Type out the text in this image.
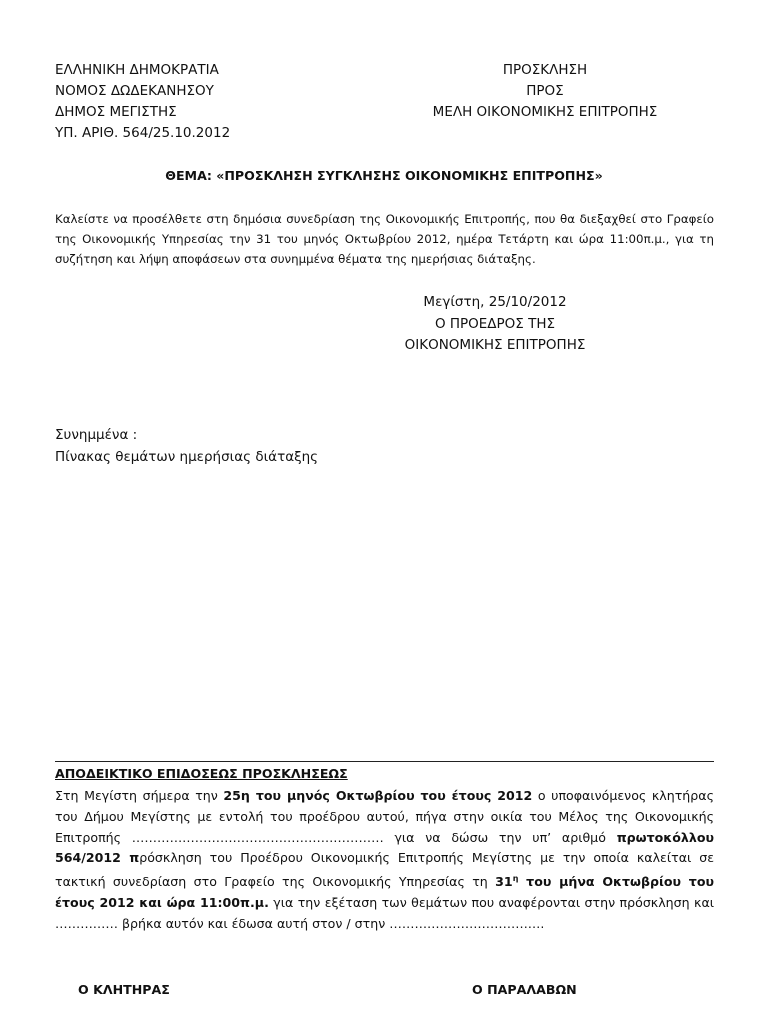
ΕΛΛΗΝΙΚΗ ΔΗΜΟΚΡΑΤΙΑ
ΝΟΜΟΣ ΔΩΔΕΚΑΝΗΣΟΥ
ΔΗΜΟΣ ΜΕΓΙΣΤΗΣ
ΥΠ. ΑΡΙΘ. 564/25.10.2012
ΠΡΟΣΚΛΗΣΗ
ΠΡΟΣ
ΜΕΛΗ ΟΙΚΟΝΟΜΙΚΗΣ ΕΠΙΤΡΟΠΗΣ
ΘΕΜΑ: «ΠΡΟΣΚΛΗΣΗ ΣΥΓΚΛΗΣΗΣ ΟΙΚΟΝΟΜΙΚΗΣ ΕΠΙΤΡΟΠΗΣ»
Καλείστε να προσέλθετε στη δημόσια συνεδρίαση της Οικονομικής Επιτροπής, που θα διεξαχθεί στο Γραφείο της Οικονομικής Υπηρεσίας την 31 του μηνός Οκτωβρίου 2012, ημέρα Τετάρτη και ώρα 11:00π.μ., για τη συζήτηση και λήψη αποφάσεων στα συνημμένα θέματα της ημερήσιας διάταξης.
Μεγίστη, 25/10/2012
Ο ΠΡΟΕΔΡΟΣ ΤΗΣ
ΟΙΚΟΝΟΜΙΚΗΣ ΕΠΙΤΡΟΠΗΣ
Συνημμένα :
Πίνακας θεμάτων ημερήσιας διάταξης
ΑΠΟΔΕΙΚΤΙΚΟ ΕΠΙΔΟΣΕΩΣ ΠΡΟΣΚΛΗΣΕΩΣ

Στη Μεγίστη σήμερα την 25η του μηνός Οκτωβρίου του έτους 2012 ο υποφαινόμενος κλητήρας του Δήμου Μεγίστης με εντολή του προέδρου αυτού, πήγα στην οικία του Μέλος της Οικονομικής Επιτροπής …………………………………………………… για να δώσω την υπ’ αριθμό πρωτοκόλλου 564/2012 πρόσκληση του Προέδρου Οικονομικής Επιτροπής Μεγίστης με την οποία καλείται σε τακτική συνεδρίαση στο Γραφείο της Οικονομικής Υπηρεσίας τη $31^\eta$ του μήνα Οκτωβρίου του έτους 2012 και ώρα 11:00π.μ. για την εξέταση των θεμάτων που αναφέρονται στην πρόσκληση και …………… βρήκα αυτόν και έδωσα αυτή στον / στην ……………………………….

Ο ΚΛΗΤΗΡΑΣ	Ο ΠΑΡΑΛΑΒΩΝ
